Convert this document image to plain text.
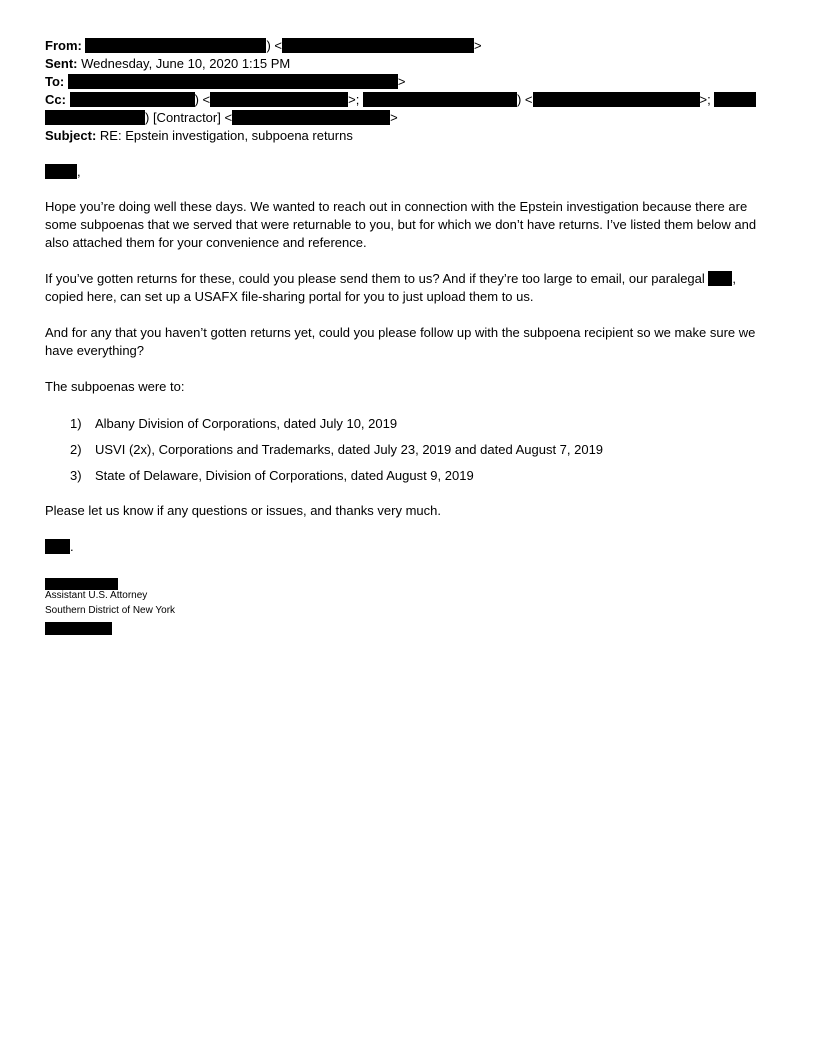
From:	) <	>
Sent: Wednesday, June 10, 2020 1:15 PM
To:	>
Cc:	) <	>;	) <	>;
) [Contractor] <	>
Subject: RE: Epstein investigation, subpoena returns
,
Hope you’re doing well these days. We wanted to reach out in connection with the Epstein investigation because there are some subpoenas that we served that were returnable to you, but for which we don’t have returns. I’ve listed them below and also attached them for your convenience and reference.
If you’ve gotten returns for these, could you please send them to us? And if they’re too large to email, our paralegal , copied here, can set up a USAFX file-sharing portal for you to just upload them to us.
And for any that you haven’t gotten returns yet, could you please follow up with the subpoena recipient so we make sure we have everything?
The subpoenas were to:
1) Albany Division of Corporations, dated July 10, 2019
2) USVI (2x), Corporations and Trademarks, dated July 23, 2019 and dated August 7, 2019
3) State of Delaware, Division of Corporations, dated August 9, 2019
Please let us know if any questions or issues, and thanks very much.
.
Assistant U.S. Attorney
Southern District of New York
